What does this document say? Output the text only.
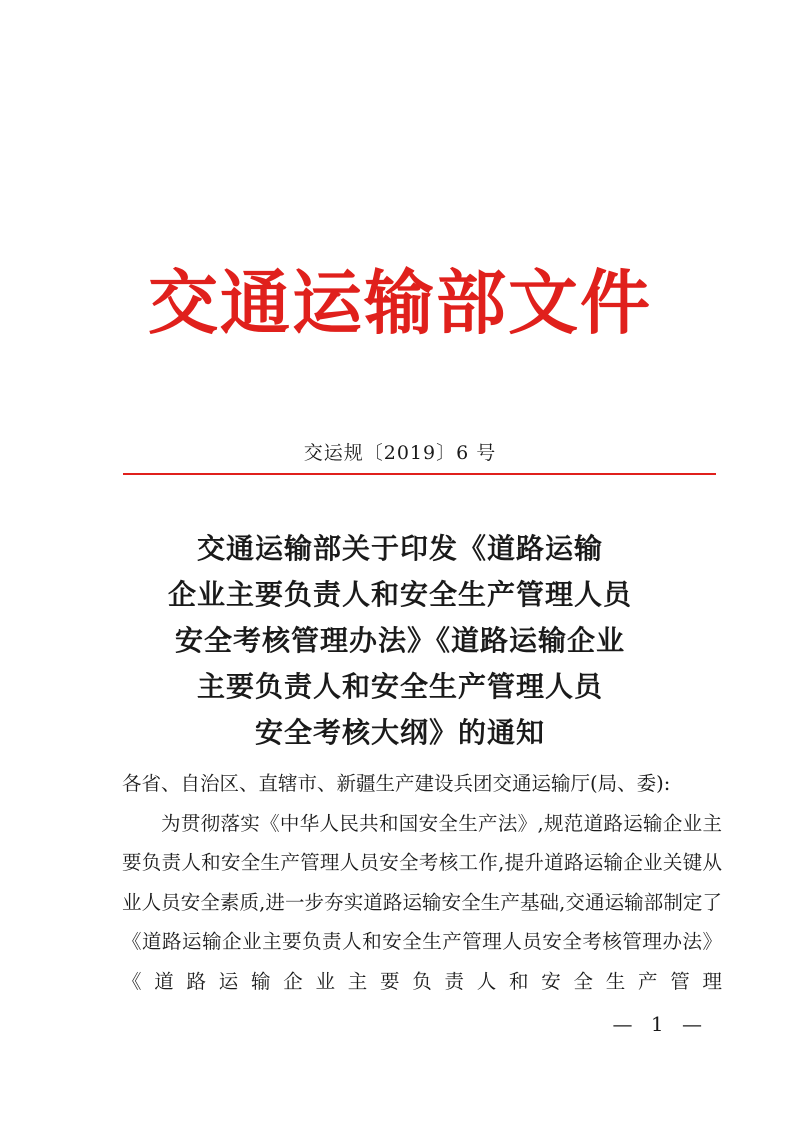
交通运输部文件
交运规〔2019〕6 号
交通运输部关于印发《道路运输
企业主要负责人和安全生产管理人员
安全考核管理办法》《道路运输企业
主要负责人和安全生产管理人员
安全考核大纲》的通知

各省、自治区、直辖市、新疆生产建设兵团交通运输厅(局、委):

为贯彻落实《中华人民共和国安全生产法》,规范道路运输企业主要负责人和安全生产管理人员安全考核工作,提升道路运输企业关键从业人员安全素质,进一步夯实道路运输安全生产基础,交通运输部制定了《道路运输企业主要负责人和安全生产管理人员安全考核管理办法》《道路运输企业主要负责人和安全生产管理

— 1 —
